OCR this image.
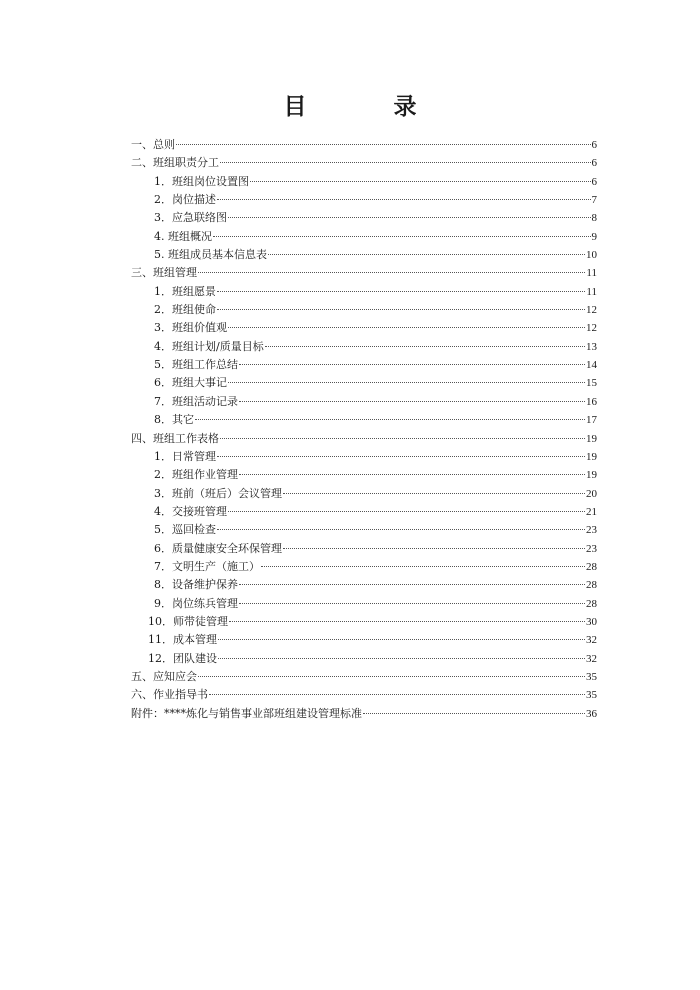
目　录
一、总则	6
二、班组职责分工	6
1．班组岗位设置图	6
2．岗位描述	7
3．应急联络图	8
4. 班组概况	9
5. 班组成员基本信息表	10
三、班组管理	11
1．班组愿景	11
2．班组使命	12
3．班组价值观	12
4．班组计划/质量目标	13
5．班组工作总结	14
6．班组大事记	15
7．班组活动记录	16
8．其它	17
四、班组工作表格	19
1．日常管理	19
2．班组作业管理	19
3．班前（班后）会议管理	20
4．交接班管理	21
5．巡回检查	23
6．质量健康安全环保管理	23
7．文明生产（施工）	28
8．设备维护保养	28
9．岗位练兵管理	28
10．师带徒管理	30
11．成本管理	32
12．团队建设	32
五、应知应会	35
六、作业指导书	35
附件：****炼化与销售事业部班组建设管理标准	36
